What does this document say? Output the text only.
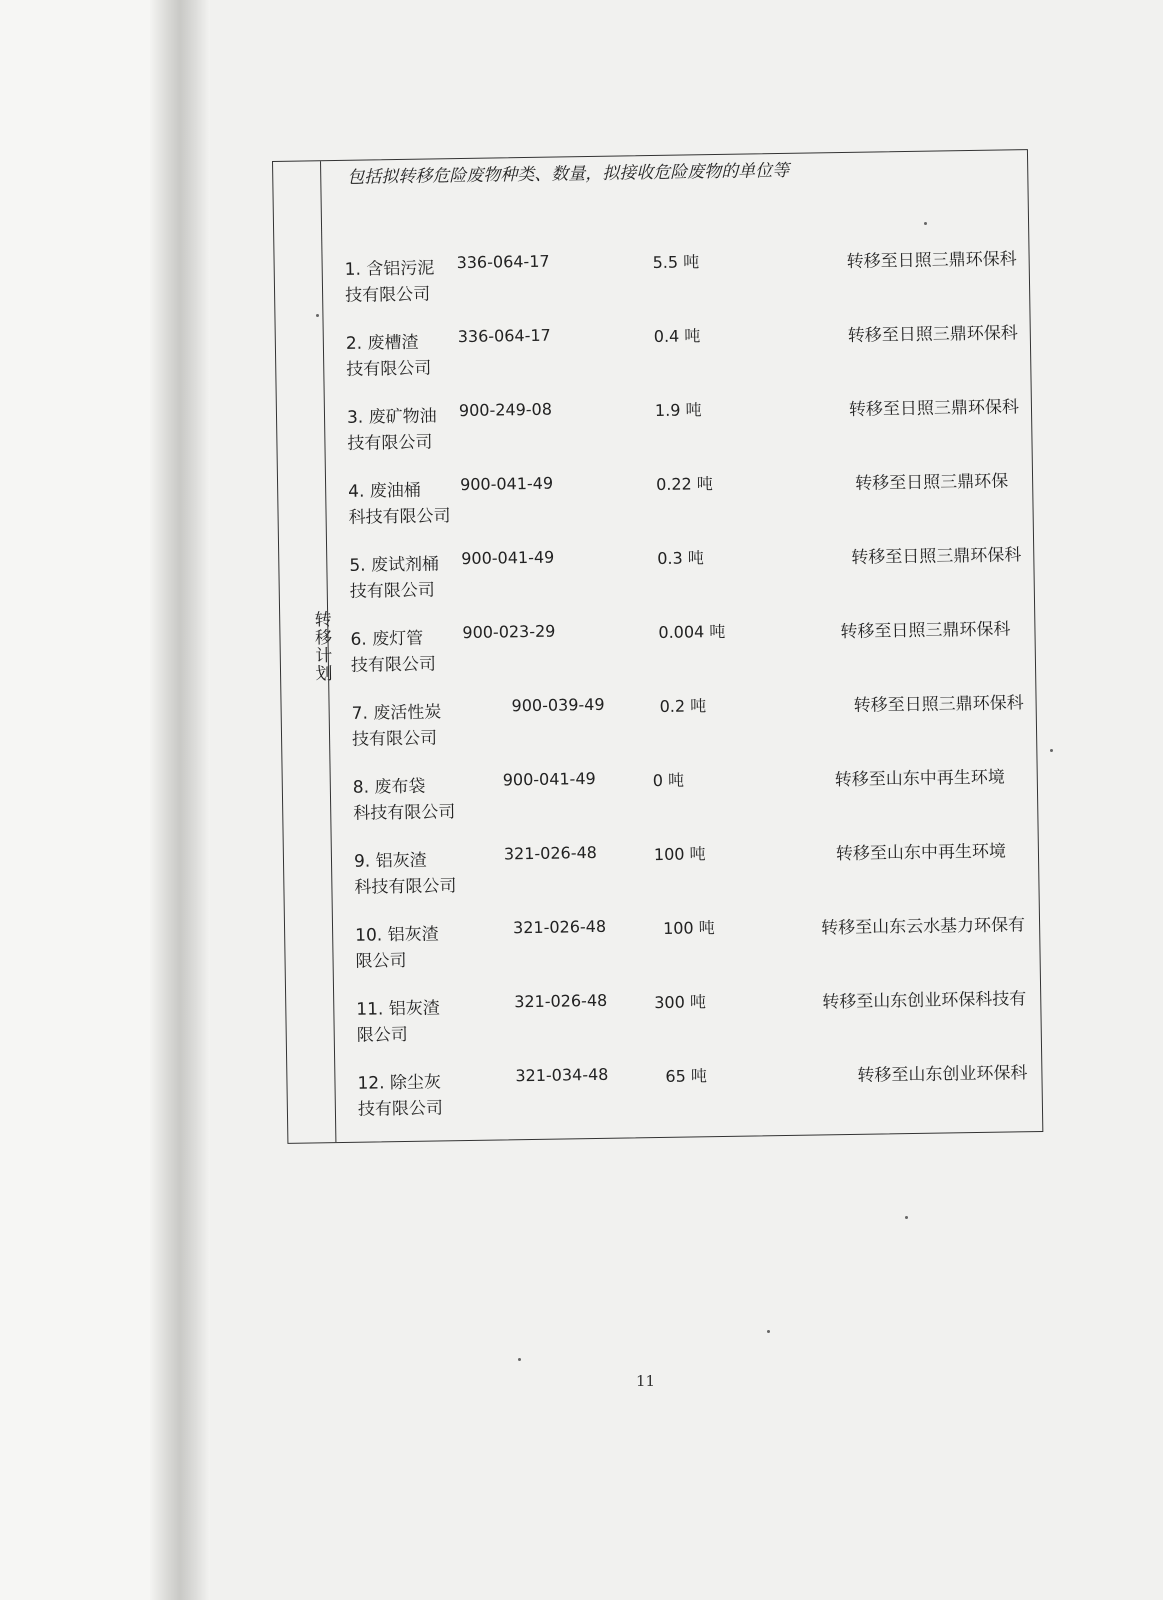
转移计划
包括拟转移危险废物种类、数量，拟接收危险废物的单位等
1. 含铝污泥 336-064-17	5.5 吨	转移至日照三鼎环保科
技有限公司
2. 废槽渣 336-064-17	0.4 吨	转移至日照三鼎环保科
技有限公司
3. 废矿物油 900-249-08	1.9 吨	转移至日照三鼎环保科
技有限公司
4. 废油桶 900-041-49	0.22 吨	转移至日照三鼎环保
科技有限公司
5. 废试剂桶 900-041-49	0.3 吨	转移至日照三鼎环保科
技有限公司
6. 废灯管 900-023-29	0.004 吨	转移至日照三鼎环保科
技有限公司
7. 废活性炭	900-039-49	0.2 吨	转移至日照三鼎环保科
技有限公司
8. 废布袋	900-041-49	0 吨	转移至山东中再生环境
科技有限公司
9. 铝灰渣	321-026-48	100 吨	转移至山东中再生环境
科技有限公司
10. 铝灰渣	321-026-48	100 吨	转移至山东云水基力环保有
限公司
11. 铝灰渣	321-026-48	300 吨	转移至山东创业环保科技有
限公司
12. 除尘灰	321-034-48	65 吨	转移至山东创业环保科
技有限公司
11
